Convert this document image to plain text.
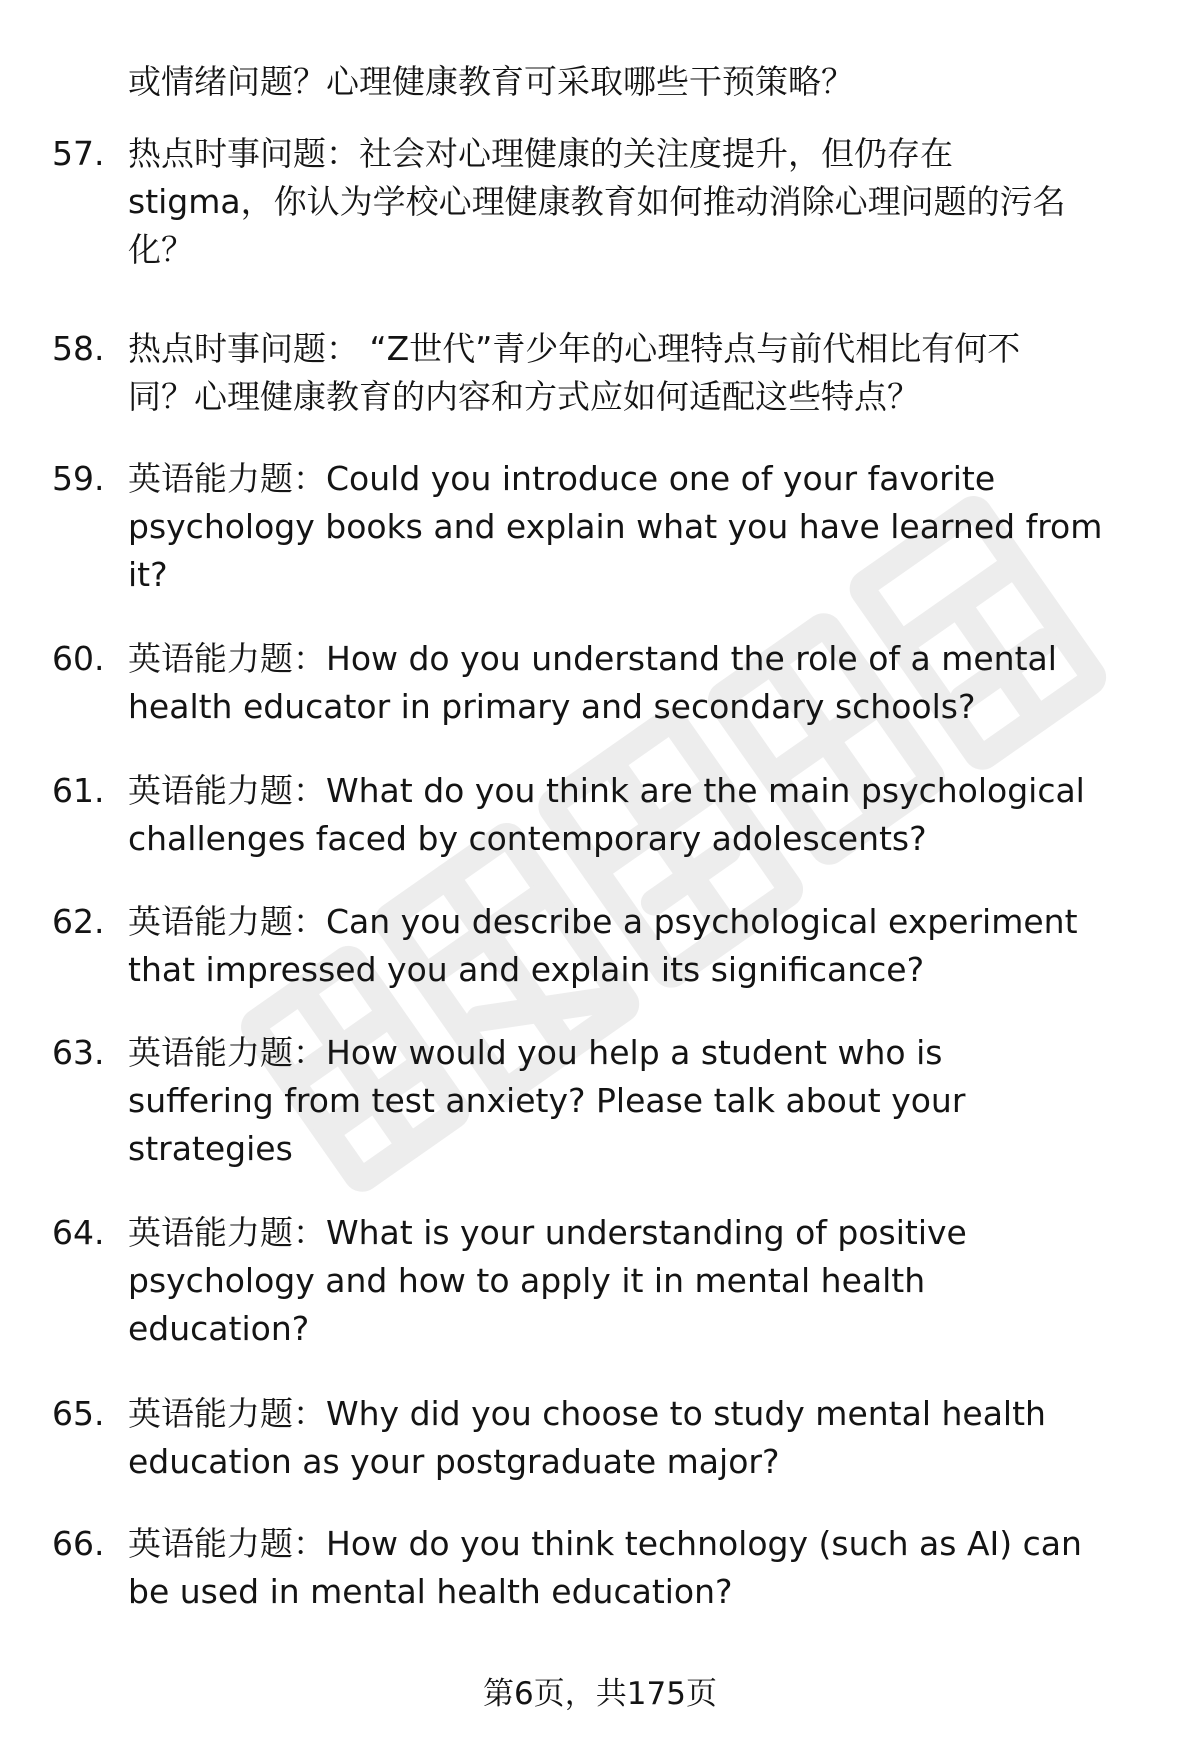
或情绪问题？心理健康教育可采取哪些干预策略？
57. 热点时事问题：社会对心理健康的关注度提升，但仍存在
stigma，你认为学校心理健康教育如何推动消除心理问题的污名
化？
58. 热点时事问题： “Z世代”青少年的心理特点与前代相比有何不
同？心理健康教育的内容和方式应如何适配这些特点？
59. 英语能力题：Could you introduce one of your favorite
psychology books and explain what you have learned from
it?
60. 英语能力题：How do you understand the role of a mental
health educator in primary and secondary schools?
61. 英语能力题：What do you think are the main psychological
challenges faced by contemporary adolescents?
62. 英语能力题：Can you describe a psychological experiment
that impressed you and explain its significance?
63. 英语能力题：How would you help a student who is
suffering from test anxiety? Please talk about your
strategies
64. 英语能力题：What is your understanding of positive
psychology and how to apply it in mental health
education?
65. 英语能力题：Why did you choose to study mental health
education as your postgraduate major?
66. 英语能力题：How do you think technology (such as AI) can
be used in mental health education?
第6页，共175页
